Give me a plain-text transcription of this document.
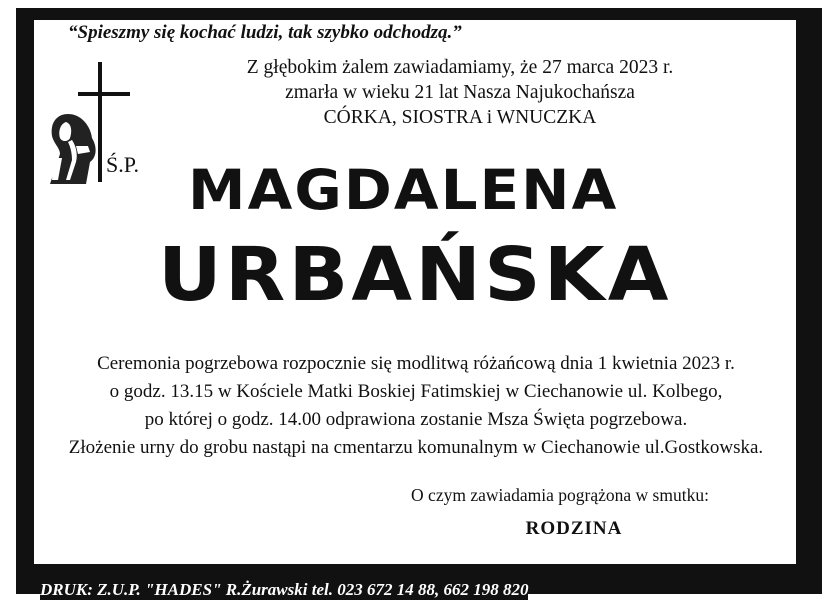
“Spieszmy się kochać ludzi, tak szybko odchodzą.”
Z głębokim żalem zawiadamiamy, że 27 marca 2023 r.
zmarła w wieku 21 lat Nasza Najukochańsza
CÓRKA, SIOSTRA i WNUCZKA
Ś.P. MAGDALENA
URBAŃSKA
Ceremonia pogrzebowa rozpocznie się modlitwą różańcową dnia 1 kwietnia 2023 r.
o godz. 13.15 w Kościele Matki Boskiej Fatimskiej w Ciechanowie ul. Kolbego,
po której o godz. 14.00 odprawiona zostanie Msza Święta pogrzebowa.
Złożenie urny do grobu nastąpi na cmentarzu komunalnym w Ciechanowie ul.Gostkowska.
O czym zawiadamia pogrążona w smutku:
RODZINA
DRUK: Z.U.P. "HADES" R.Żurawski tel. 023 672 14 88, 662 198 820
